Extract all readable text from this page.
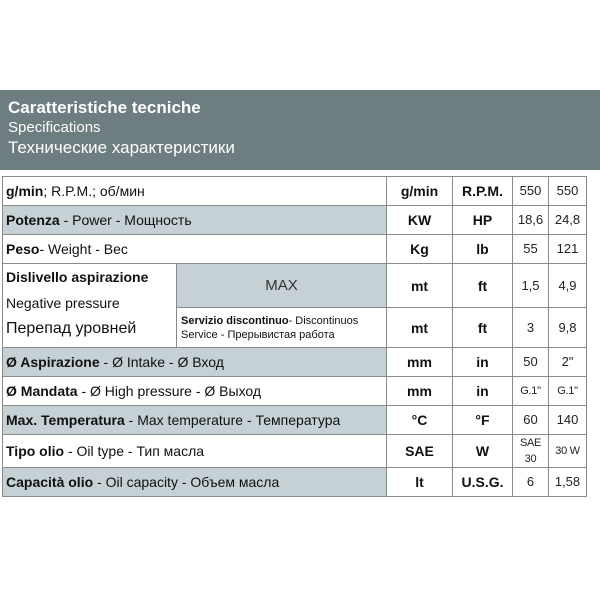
Caratteristiche tecniche
Specifications
Технические характеристики
g/min; R.P.M.; об/мин		g/min	R.P.M.	550	550
Potenza - Power - Мощность		KW	HP	18,6	24,8
Peso- Weight - Вес		Kg	lb	55	121

Dislivello aspirazione
Negative pressure
Перепад уровней	MAX	mt	ft	1,5	4,9

	Servizio discontinuo- Discontinuos
Service - Прерывистая работа	mt	ft	3	9,8
Ø Aspirazione - Ø Intake - Ø Вход		mm	in	50	2"
Ø Mandata - Ø High pressure - Ø Выход		mm	in	G.1"	G.1"
Max. Temperatura - Max temperature - Температура		°C	°F	60	140
Tipo olio - Oil type - Тип масла		SAE	W	SAE 30	30 W
Capacità olio - Oil capacity - Объем масла		lt	U.S.G.	6	1,58
